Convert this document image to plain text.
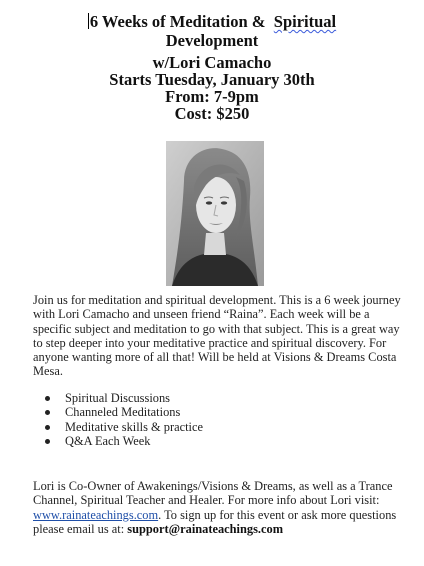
6 Weeks of Meditation & Spiritual
Development
w/Lori Camacho
Starts Tuesday, January 30th
From: 7-9pm
Cost: $250

Join us for meditation and spiritual development. This is a 6 week journey with Lori Camacho and unseen friend “Raina”. Each week will be a specific subject and meditation to go with that subject. This is a great way to step deeper into your meditative practice and spiritual discovery. For anyone wanting more of all that! Will be held at Visions & Dreams Costa Mesa.

Spiritual Discussions
Channeled Meditations
Meditative skills & practice
Q&A Each Week

Lori is Co-Owner of Awakenings/Visions & Dreams, as well as a Trance Channel, Spiritual Teacher and Healer. For more info about Lori visit: www.rainateachings.com. To sign up for this event or ask more questions please email us at: support@rainateachings.com
